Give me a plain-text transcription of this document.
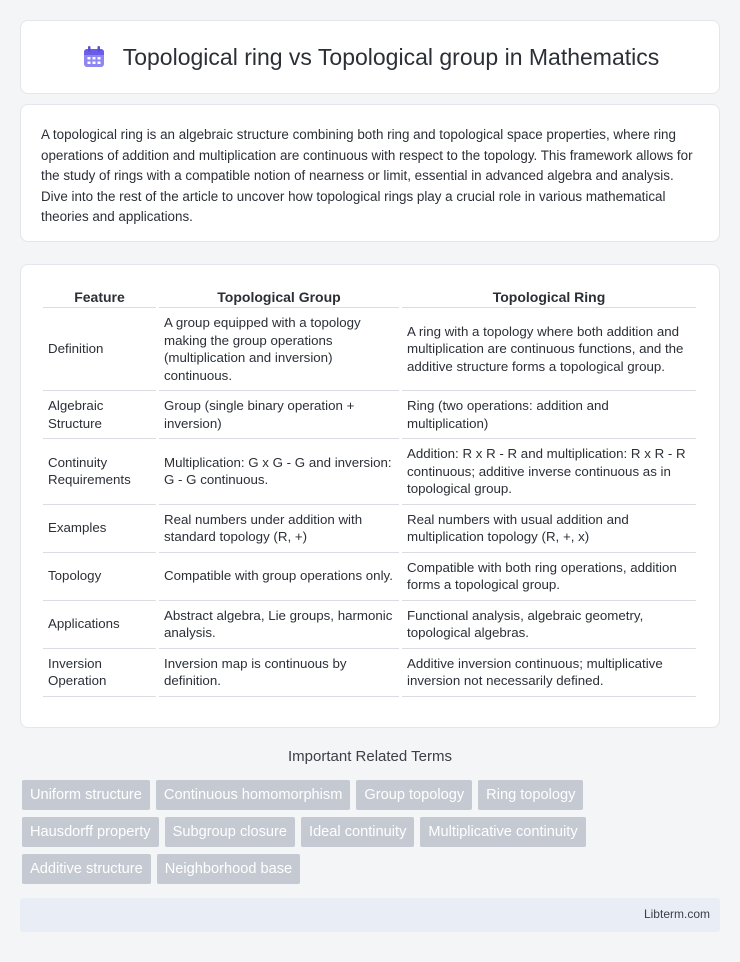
Topological ring vs Topological group in Mathematics

A topological ring is an algebraic structure combining both ring and topological space properties, where ring operations of addition and multiplication are continuous with respect to the topology. This framework allows for the study of rings with a compatible notion of nearness or limit, essential in advanced algebra and analysis. Dive into the rest of the article to uncover how topological rings play a crucial role in various mathematical theories and applications.

Feature	Topological Group	Topological Ring
Definition	A group equipped with a topology making the group operations (multiplication and inversion) continuous.	A ring with a topology where both addition and multiplication are continuous functions, and the additive structure forms a topological group.
Algebraic Structure	Group (single binary operation + inversion)	Ring (two operations: addition and multiplication)
Continuity Requirements	Multiplication: G x G - G and inversion: G - G continuous.	Addition: R x R - R and multiplication: R x R - R continuous; additive inverse continuous as in topological group.
Examples	Real numbers under addition with standard topology (R, +)	Real numbers with usual addition and multiplication topology (R, +, x)
Topology	Compatible with group operations only.	Compatible with both ring operations, addition forms a topological group.
Applications	Abstract algebra, Lie groups, harmonic analysis.	Functional analysis, algebraic geometry, topological algebras.
Inversion Operation	Inversion map is continuous by definition.	Additive inversion continuous; multiplicative inversion not necessarily defined.
Important Related Terms
Uniform structure	Continuous homomorphism	Group topology	Ring topology
Hausdorff property	Subgroup closure	Ideal continuity	Multiplicative continuity
Additive structure	Neighborhood base
Libterm.com
